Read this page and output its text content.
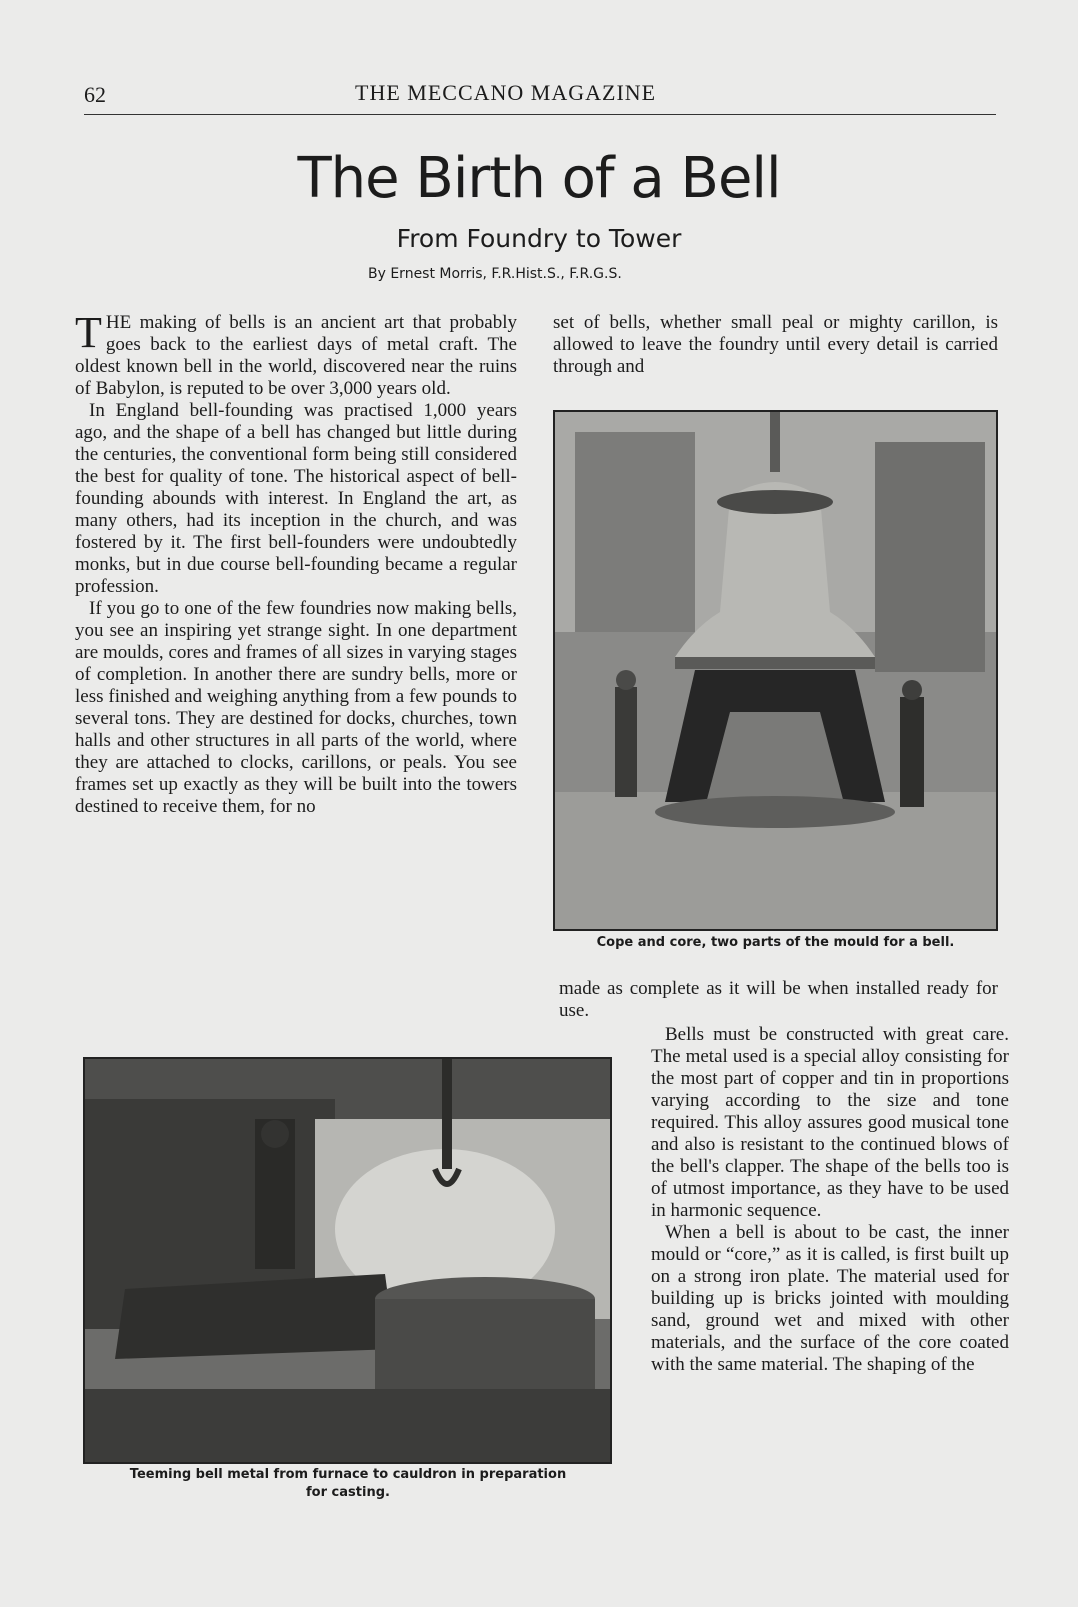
62	THE MECCANO MAGAZINE
The Birth of a Bell
From Foundry to Tower
By Ernest Morris, F.R.Hist.S., F.R.G.S.

THE making of bells is an ancient art that probably goes back to the earliest days of metal craft. The oldest known bell in the world, discovered near the ruins of Babylon, is reputed to be over 3,000 years old.

In England bell-founding was practised 1,000 years ago, and the shape of a bell has changed but little during the centuries, the conventional form being still considered the best for quality of tone. The historical aspect of bell-founding abounds with interest. In England the art, as many others, had its inception in the church, and was fostered by it. The first bell-founders were undoubtedly monks, but in due course bell-founding became a regular profession.

If you go to one of the few foundries now making bells, you see an inspiring yet strange sight. In one department are moulds, cores and frames of all sizes in varying stages of completion. In another there are sundry bells, more or less finished and weighing anything from a few pounds to several tons. They are destined for docks, churches, town halls and other structures in all parts of the world, where they are attached to clocks, carillons, or peals. You see frames set up exactly as they will be built into the towers destined to receive them, for no

set of bells, whether small peal or mighty carillon, is allowed to leave the foundry until every detail is carried through and

Cope and core, two parts of the mould for a bell.

made as complete as it will be when installed ready for use.

Bells must be constructed with great care. The metal used is a special alloy consisting for the most part of copper and tin in proportions varying according to the size and tone required. This alloy assures good musical tone and also is resistant to the continued blows of the bell's clapper. The shape of the bells too is of utmost importance, as they have to be used in harmonic sequence.

When a bell is about to be cast, the inner mould or “core,” as it is called, is first built up on a strong iron plate. The material used for building up is bricks jointed with moulding sand, ground wet and mixed with other materials, and the surface of the core coated with the same material. The shaping of the

Teeming bell metal from furnace to cauldron in preparation
for casting.
